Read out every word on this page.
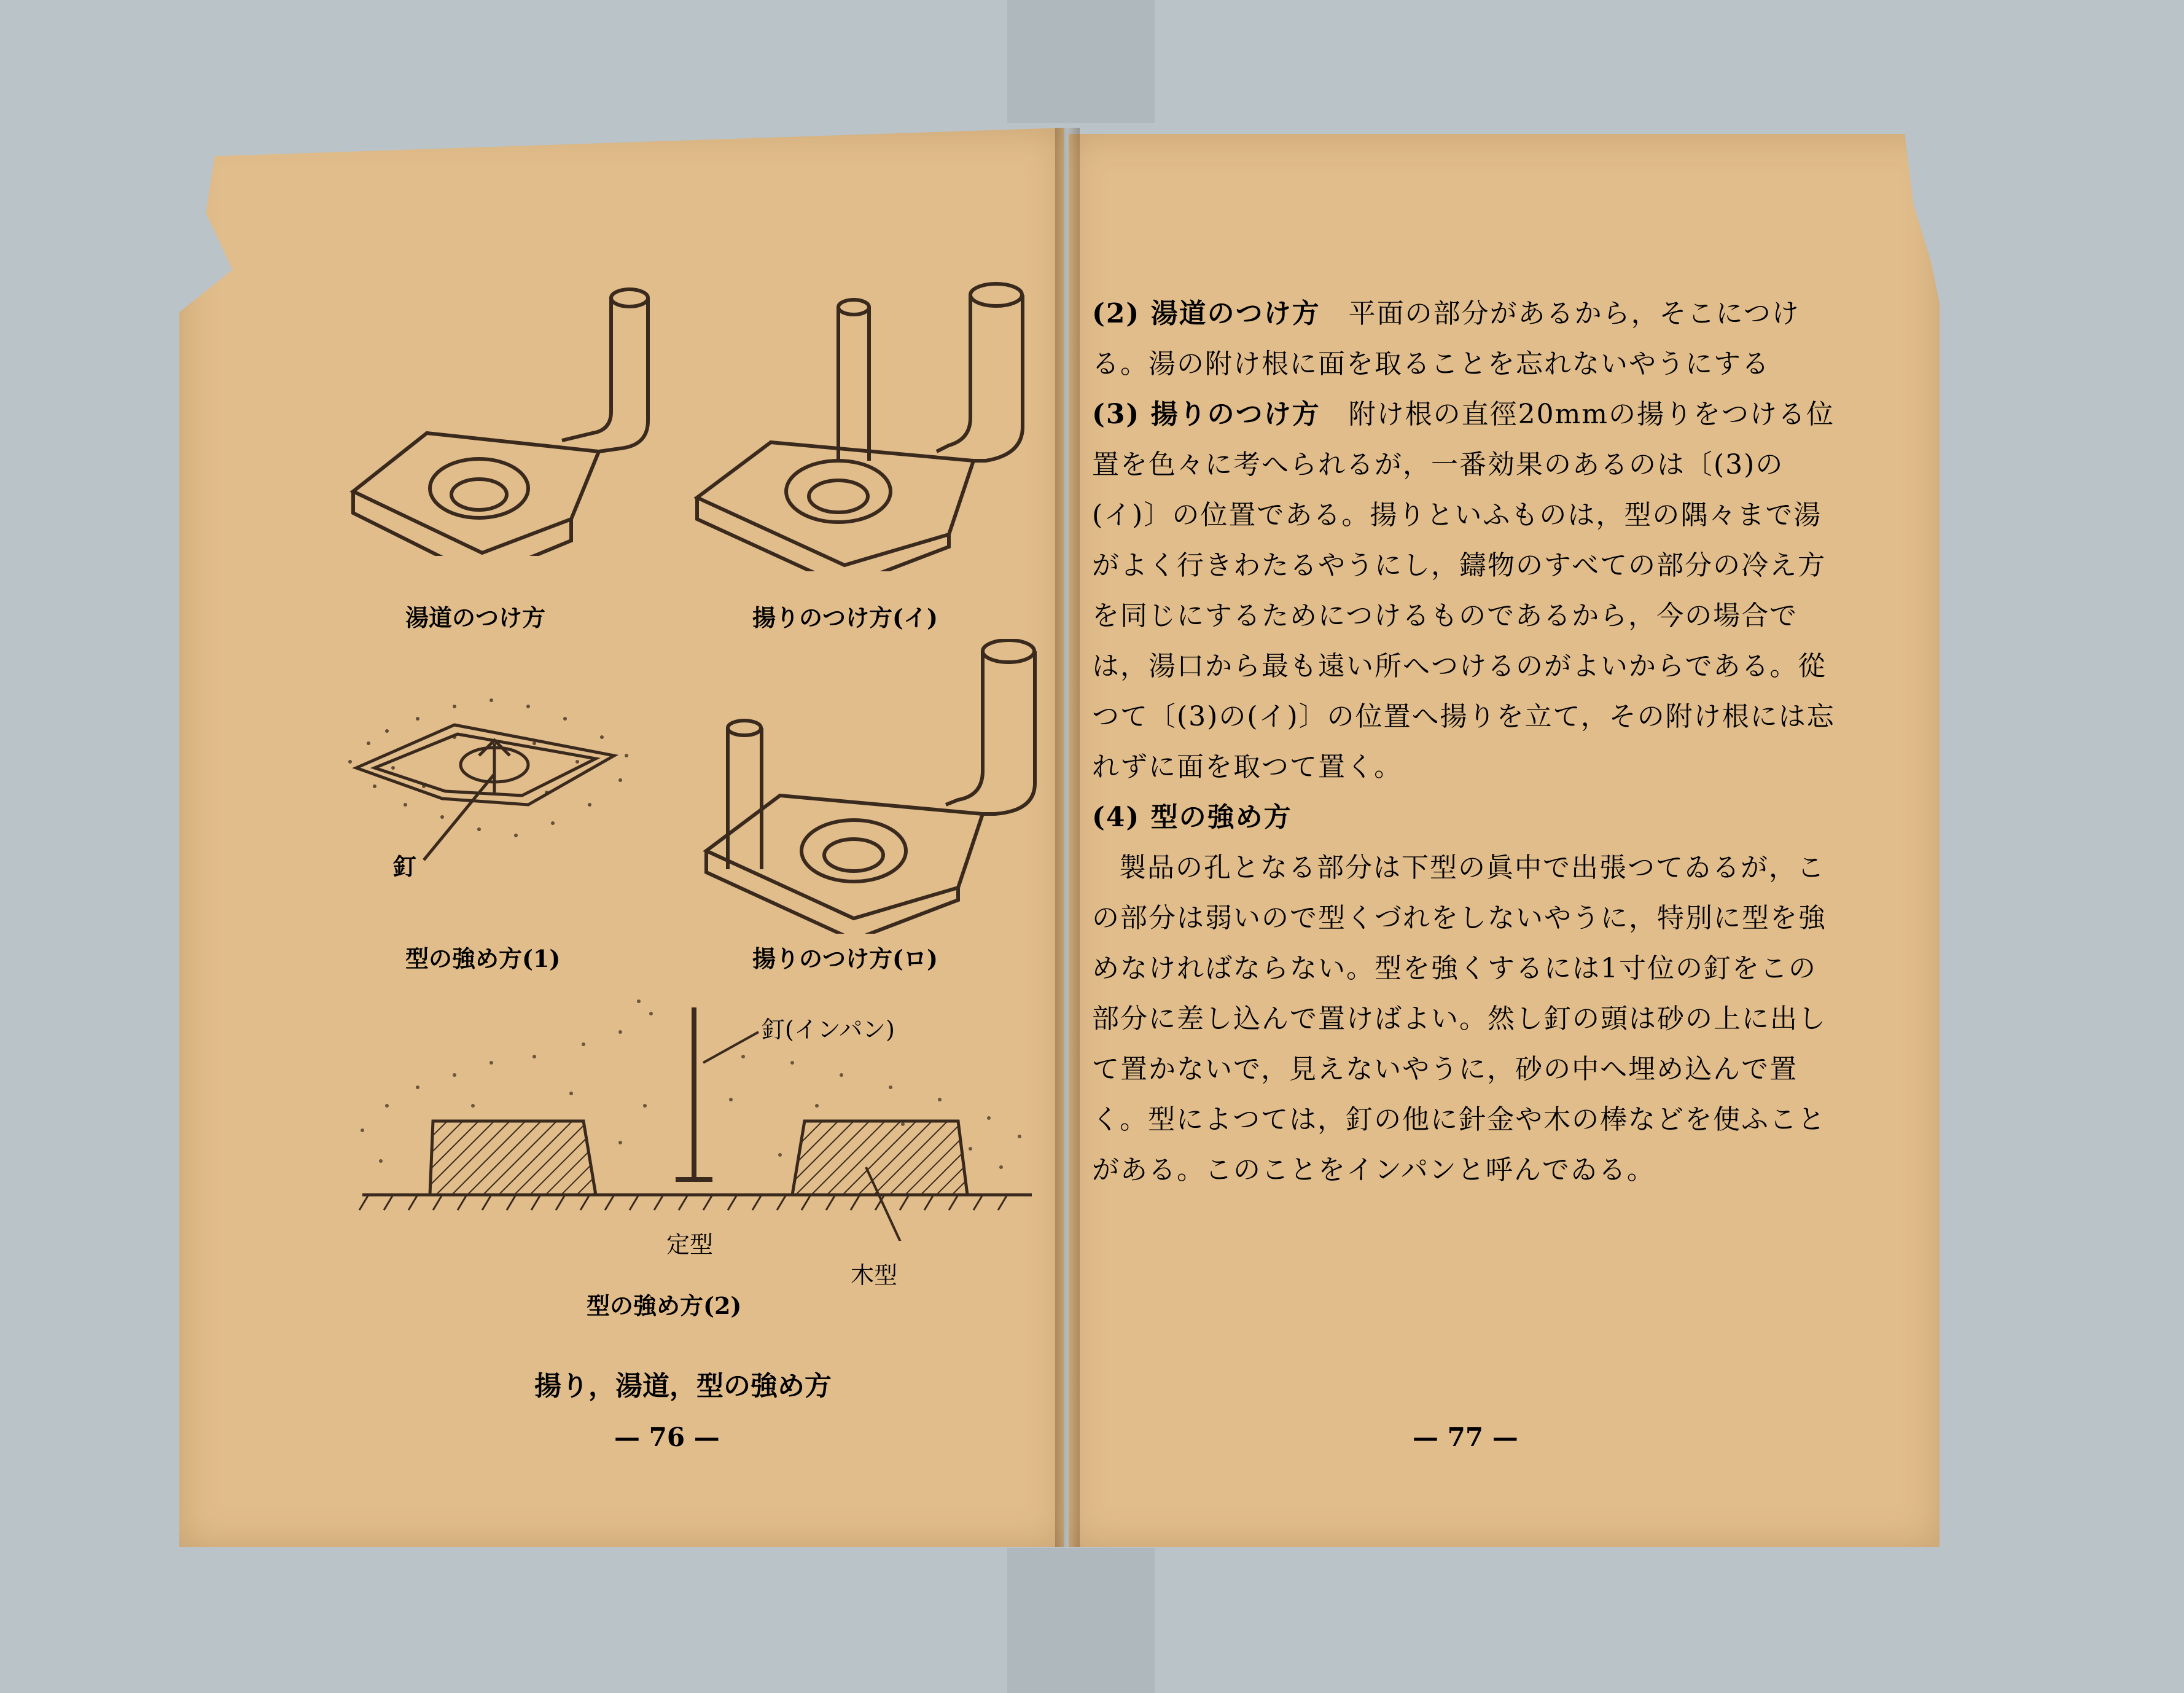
湯道のつけ方	揚りのつけ方(イ)
釘
型の強め方(1)	揚りのつけ方(ロ)
釘(インパン)
定型
木型
型の強め方(2)
揚り，湯道，型の強め方
— 76 —

(2) 湯道のつけ方　 平面の部分があるから，そこにつける。湯の附け根に面を取ることを忘れないやうにする

(3) 揚りのつけ方　 附け根の直徑20mmの揚りをつける位置を色々に考へられるが，一番効果のあるのは〔(3)の(イ)〕の位置である。揚りといふものは，型の隅々まで湯がよく行きわたるやうにし，鑄物のすべての部分の冷え方を同じにするためにつけるものであるから，今の場合では，湯口から最も遠い所へつけるのがよいからである。從つて〔(3)の(イ)〕の位置へ揚りを立て，その附け根には忘れずに面を取つて置く。

(4) 型の強め方

製品の孔となる部分は下型の眞中で出張つてゐるが，この部分は弱いので型くづれをしないやうに，特別に型を強めなければならない。型を強くするには1寸位の釘をこの部分に差し込んで置けばよい。然し釘の頭は砂の上に出して置かないで，見えないやうに，砂の中へ埋め込んで置く。型によつては，釘の他に針金や木の棒などを使ふことがある。このことをインパンと呼んでゐる。

— 77 —
